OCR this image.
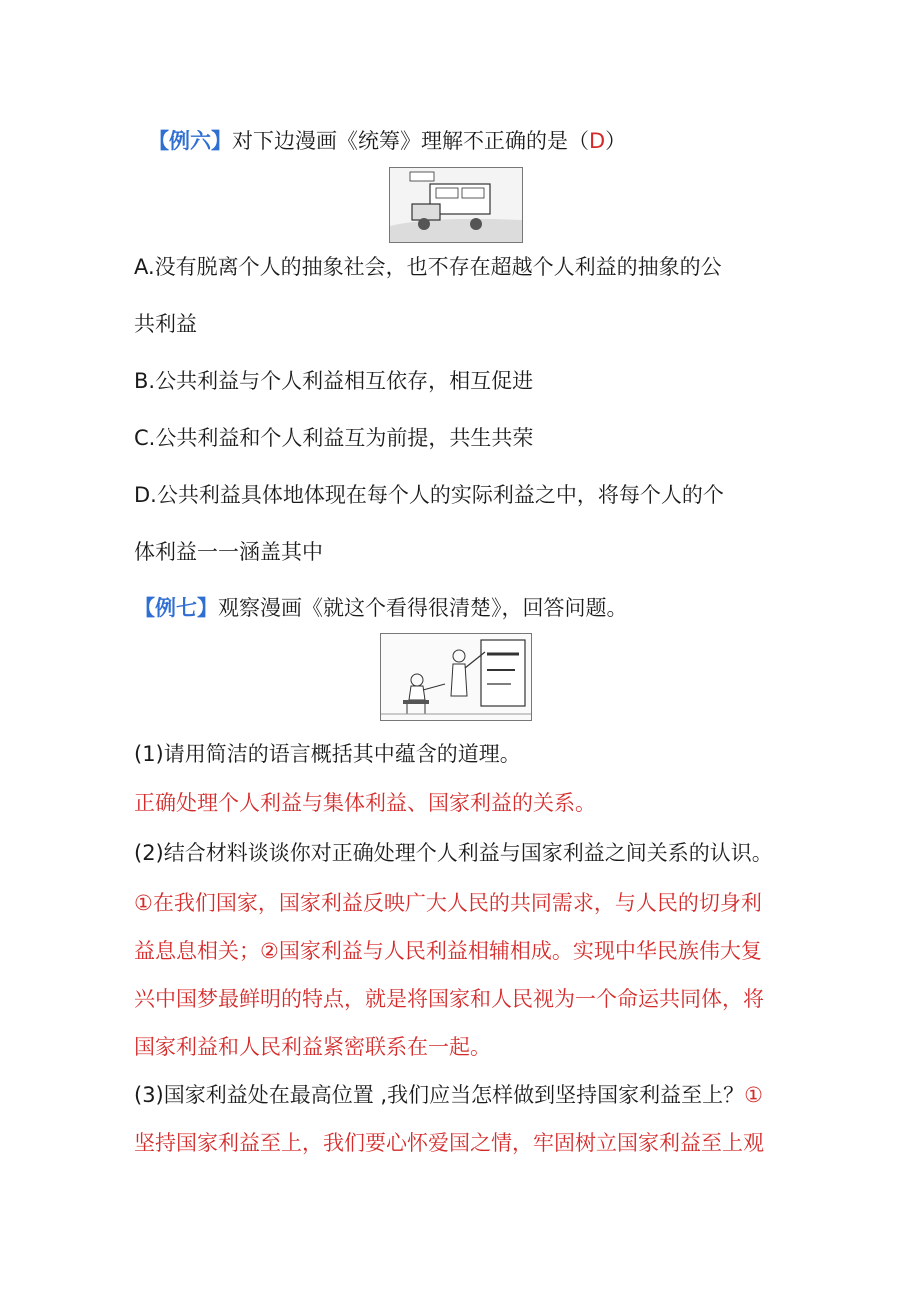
【例六】对下边漫画《统筹》理解不正确的是（D）
A.没有脱离个人的抽象社会，也不存在超越个人利益的抽象的公
共利益
B.公共利益与个人利益相互依存，相互促进
C.公共利益和个人利益互为前提，共生共荣
D.公共利益具体地体现在每个人的实际利益之中，将每个人的个
体利益一一涵盖其中
【例七】观察漫画《就这个看得很清楚》，回答问题。
(1)请用简洁的语言概括其中蕴含的道理。
正确处理个人利益与集体利益、国家利益的关系。
(2)结合材料谈谈你对正确处理个人利益与国家利益之间关系的认识。
①在我们国家，国家利益反映广大人民的共同需求，与人民的切身利
益息息相关；②国家利益与人民利益相辅相成。实现中华民族伟大复
兴中国梦最鲜明的特点，就是将国家和人民视为一个命运共同体，将
国家利益和人民利益紧密联系在一起。
(3)国家利益处在最高位置 ,我们应当怎样做到坚持国家利益至上？①
坚持国家利益至上，我们要心怀爱国之情，牢固树立国家利益至上观
